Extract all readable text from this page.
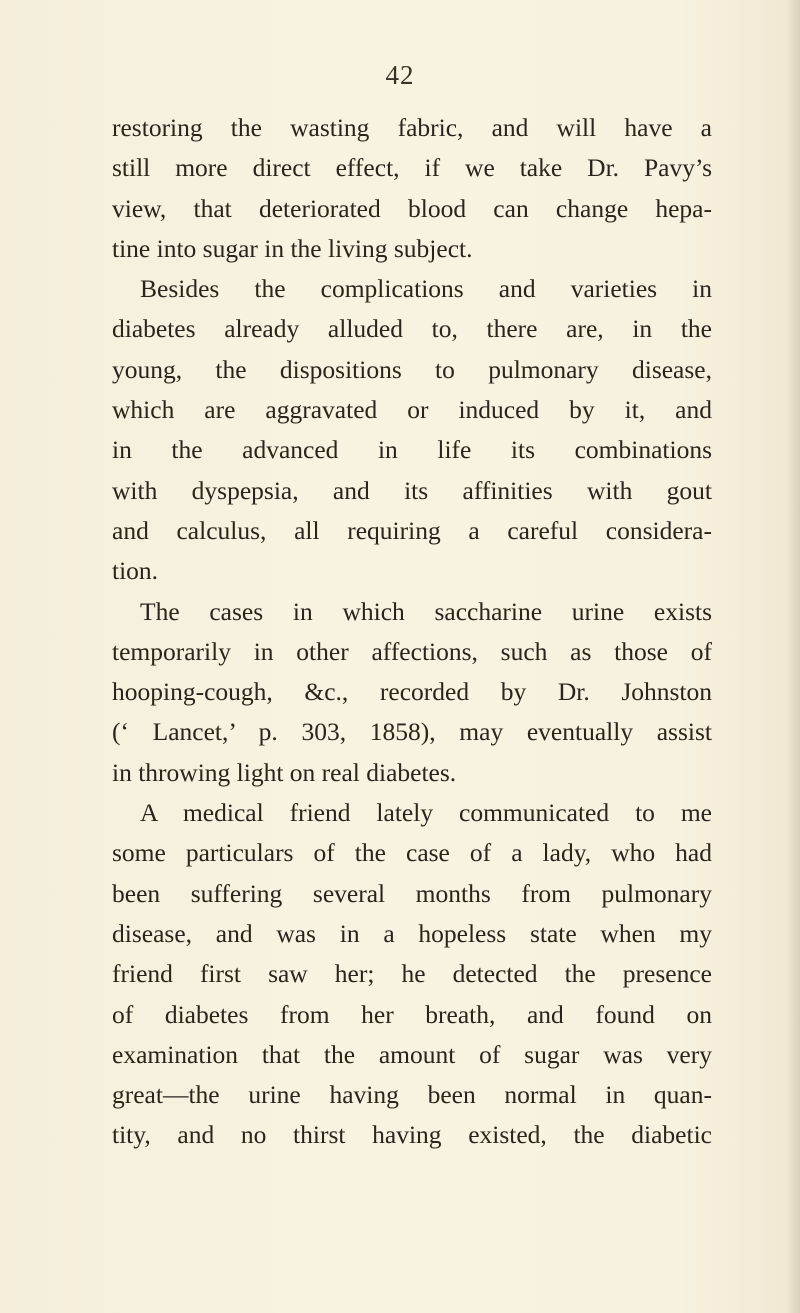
42
restoring the wasting fabric, and will have a
still more direct effect, if we take Dr. Pavy’s
view, that deteriorated blood can change hepa-
tine into sugar in the living subject.
Besides the complications and varieties in
diabetes already alluded to, there are, in the
young, the dispositions to pulmonary disease,
which are aggravated or induced by it, and
in the advanced in life its combinations
with dyspepsia, and its affinities with gout
and calculus, all requiring a careful considera-
tion.
The cases in which saccharine urine exists
temporarily in other affections, such as those of
hooping-cough, &c., recorded by Dr. Johnston
(‘ Lancet,’ p. 303, 1858), may eventually assist
in throwing light on real diabetes.
A medical friend lately communicated to me
some particulars of the case of a lady, who had
been suffering several months from pulmonary
disease, and was in a hopeless state when my
friend first saw her; he detected the presence
of diabetes from her breath, and found on
examination that the amount of sugar was very
great—the urine having been normal in quan-
tity, and no thirst having existed, the diabetic
